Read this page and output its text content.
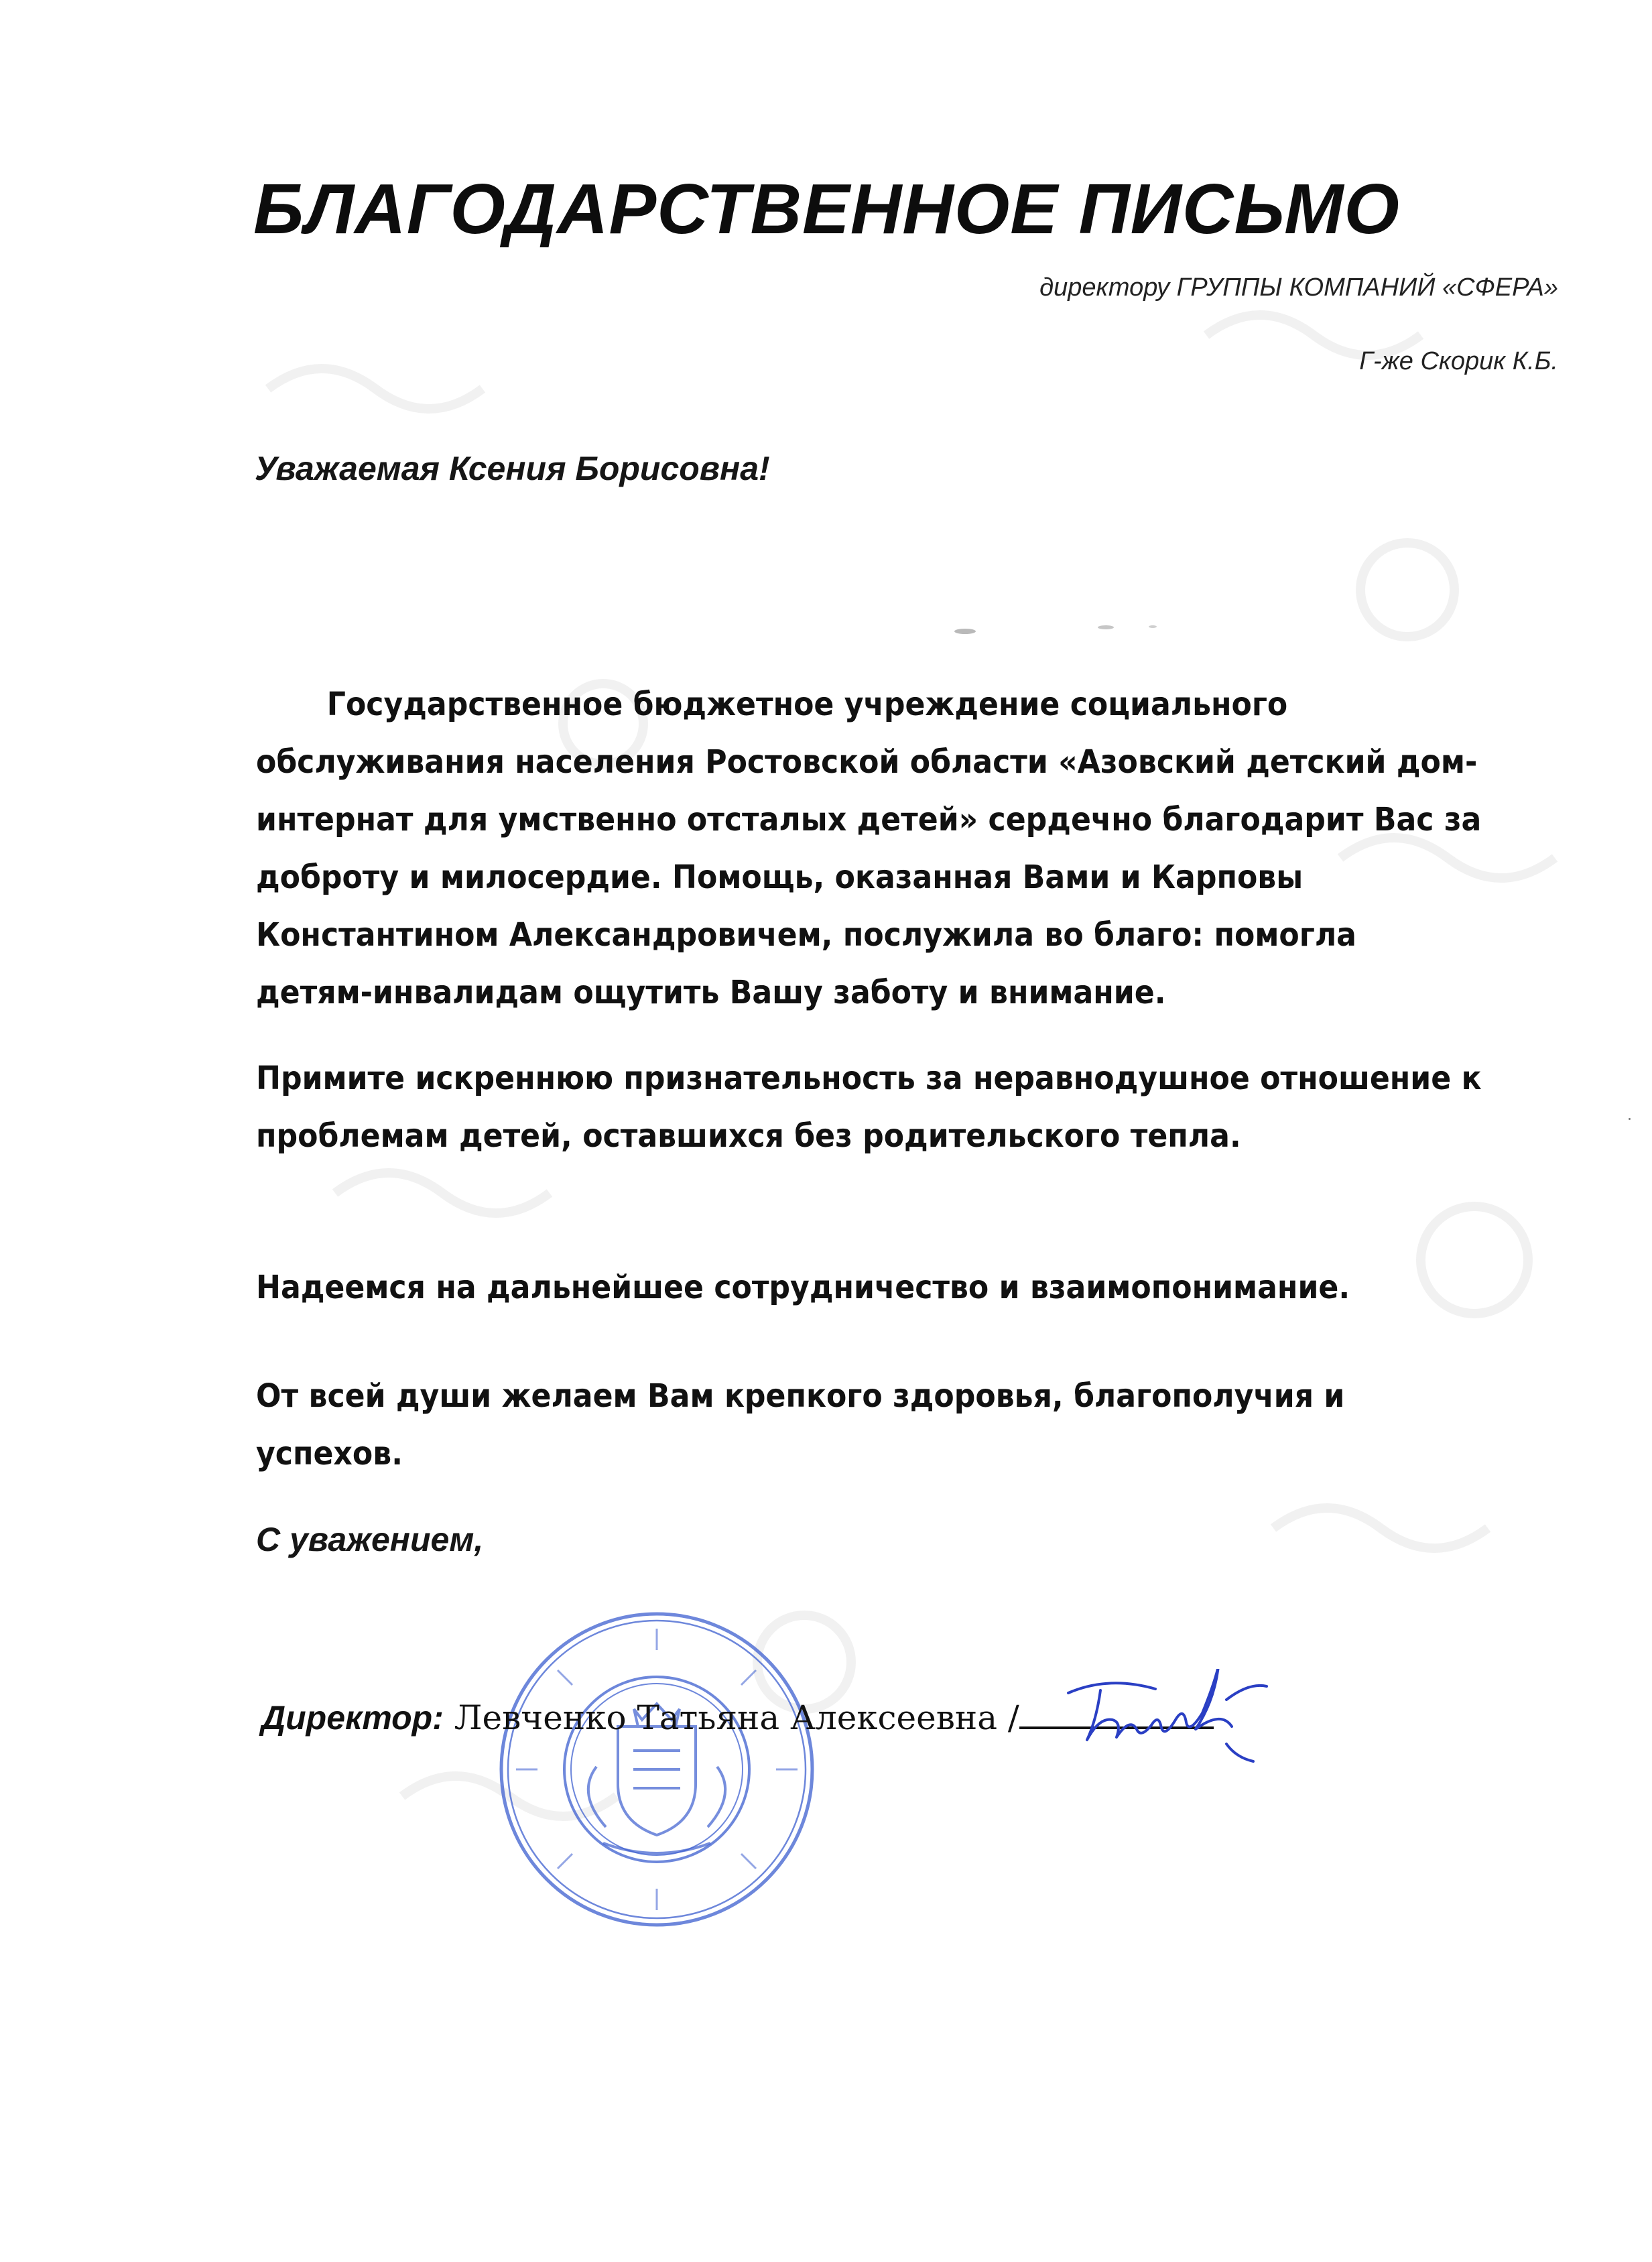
БЛАГОДАРСТВЕННОЕ ПИСЬМО

директору ГРУППЫ КОМПАНИЙ «СФЕРА»

Г-же Скорик К.Б.

Уважаемая Ксения Борисовна!

Государственное бюджетное учреждение социального обслуживания населения Ростовской области «Азовский детский дом-интернат для умственно отсталых детей» сердечно благодарит Вас за доброту и милосердие. Помощь, оказанная Вами и Карповы Константином Александровичем, послужила во благо: помогла детям-инвалидам ощутить Вашу заботу и внимание.

Примите искреннюю признательность за неравнодушное отношение к проблемам детей, оставшихся без родительского тепла.

Надеемся на дальнейшее сотрудничество и взаимопонимание.

От всей души желаем Вам крепкого здоровья, благополучия и успехов.

С уважением,

Директор: Левченко Татьяна Алексеевна /
